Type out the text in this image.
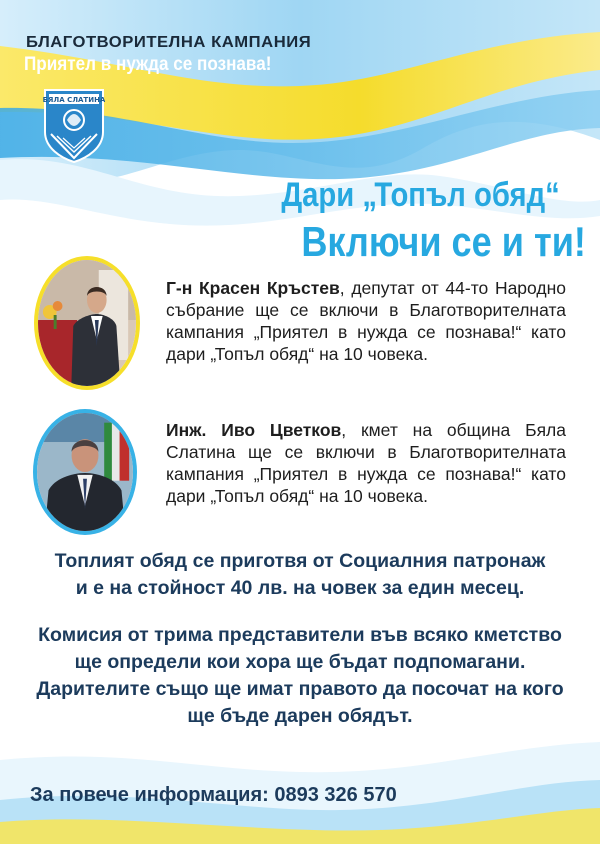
БЛАГОТВОРИТЕЛНА КАМПАНИЯ
Приятел в нужда се познава!
БЯЛА СЛАТИНА
Дари „Топъл обяд“
Включи се и ти!
Г-н Красен Кръстев, депутат от 44-то Народно събрание ще се включи в Благотворителната кампания „Приятел в нужда се познава!“ като дари „Топъл обяд“ на 10 човека.
Инж. Иво Цветков, кмет на община Бяла Слатина ще се включи в Благотворителната кампания „Приятел в нужда се познава!“ като дари „Топъл обяд“ на 10 човека.
Топлият обяд се приготвя от Социалния патронаж
и е на стойност 40 лв. на човек за един месец.
Комисия от трима представители във всяко кметство
ще определи кои хора ще бъдат подпомагани.
Дарителите също ще имат правото да посочат на кого
ще бъде дарен обядът.
За повече информация: 0893 326 570
